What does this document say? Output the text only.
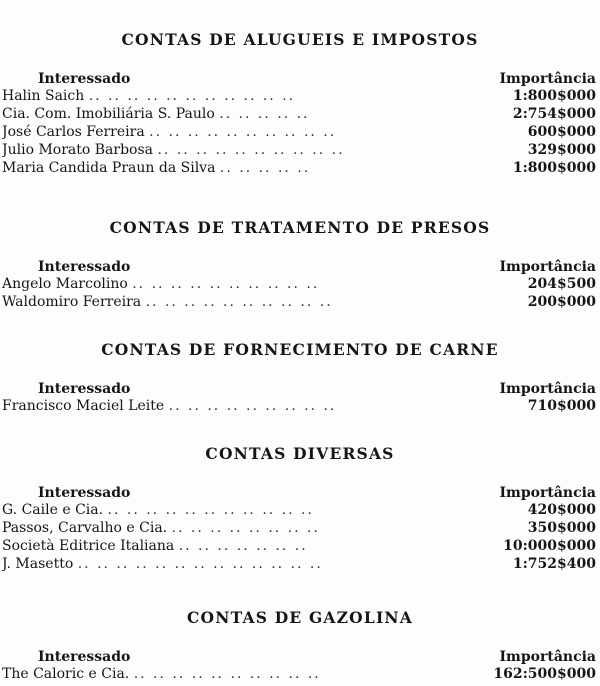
CONTAS DE ALUGUEIS E IMPOSTOS
Interessado	Importância
Halin Saich .. .. .. .. .. .. .. .. .. .. ..	1:800$000
Cia. Com. Imobiliária S. Paulo .. .. .. .. ..	2:754$000
José Carlos Ferreira .. .. .. .. .. .. .. .. .. ..	600$000
Julio Morato Barbosa .. .. .. .. .. .. .. .. .. ..	329$000
Maria Candida Praun da Silva .. .. .. .. ..	1:800$000
CONTAS DE TRATAMENTO DE PRESOS
Interessado	Importância
Angelo Marcolino .. .. .. .. .. .. .. .. .. ..	204$500
Waldomiro Ferreira .. .. .. .. .. .. .. .. .. ..	200$000
CONTAS DE FORNECIMENTO DE CARNE
Interessado	Importância
Francisco Maciel Leite .. .. .. .. .. .. .. .. ..	710$000
CONTAS DIVERSAS
Interessado	Importância
G. Caile e Cia. .. .. .. .. .. .. .. .. .. .. ..	420$000
Passos, Carvalho e Cia. .. .. .. .. .. .. .. ..	350$000
Società Editrice Italiana .. .. .. .. .. .. ..	10:000$000
J. Masetto .. .. .. .. .. .. .. .. .. .. .. .. ..	1:752$400
CONTAS DE GAZOLINA
Interessado	Importância
The Caloric e Cia. .. .. .. .. .. .. .. .. .. ..	162:500$000
